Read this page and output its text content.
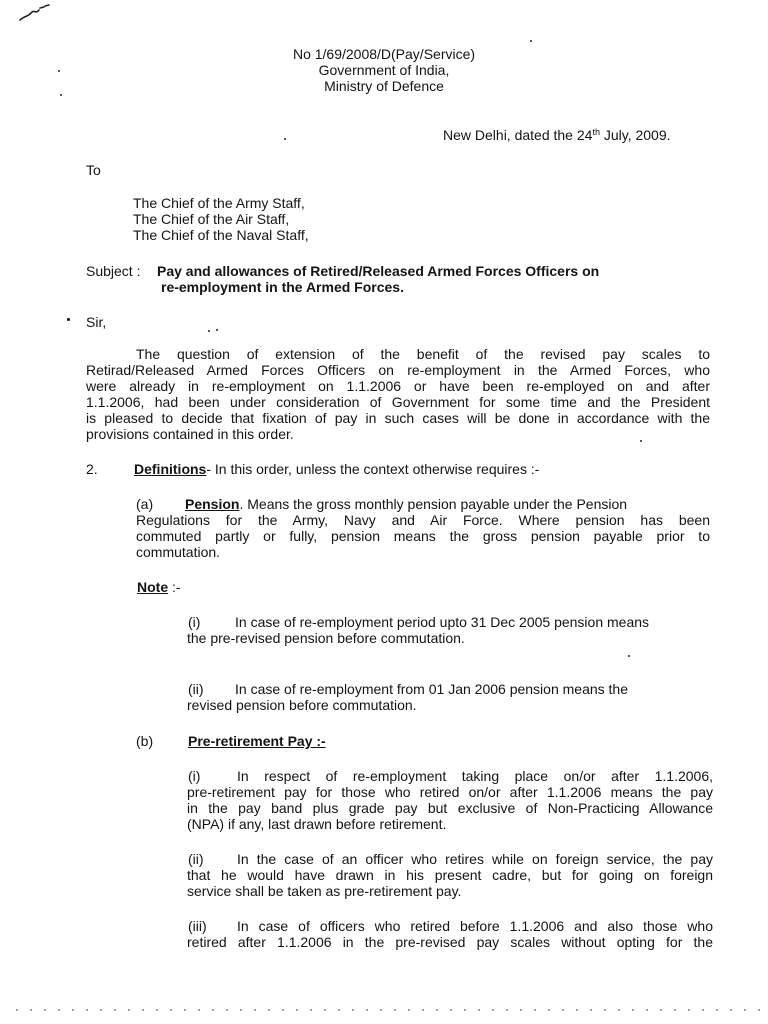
No 1/69/2008/D(Pay/Service)
Government of India,
Ministry of Defence
New Delhi, dated the 24th July, 2009.
To
The Chief of the Army Staff,
The Chief of the Air Staff,
The Chief of the Naval Staff,
Subject : Pay and allowances of Retired/Released Armed Forces Officers on
re-employment in the Armed Forces.
Sir,
The question of extension of the benefit of the revised pay scales to
Retirad/Released Armed Forces Officers on re-employment in the Armed Forces, who
were already in re-employment on 1.1.2006 or have been re-employed on and after
1.1.2006, had been under consideration of Government for some time and the President
is pleased to decide that fixation of pay in such cases will be done in accordance with the
provisions contained in this order.
2.	Definitions- In this order, unless the context otherwise requires :-
(a) Pension. Means the gross monthly pension payable under the Pension
Regulations for the Army, Navy and Air Force. Where pension has been
commuted partly or fully, pension means the gross pension payable prior to
commutation.
Note :-
(i) In case of re-employment period upto 31 Dec 2005 pension means
the pre-revised pension before commutation.
(ii) In case of re-employment from 01 Jan 2006 pension means the
revised pension before commutation.
(b) Pre-retirement Pay :-
(i)	In respect of re-employment taking place on/or after 1.1.2006,
pre-retirement pay for those who retired on/or after 1.1.2006 means the pay
in the pay band plus grade pay but exclusive of Non-Practicing Allowance
(NPA) if any, last drawn before retirement.
(ii) In the case of an officer who retires while on foreign service, the pay
that he would have drawn in his present cadre, but for going on foreign
service shall be taken as pre-retirement pay.
(iii) In case of officers who retired before 1.1.2006 and also those who
retired after 1.1.2006 in the pre-revised pay scales without opting for the
